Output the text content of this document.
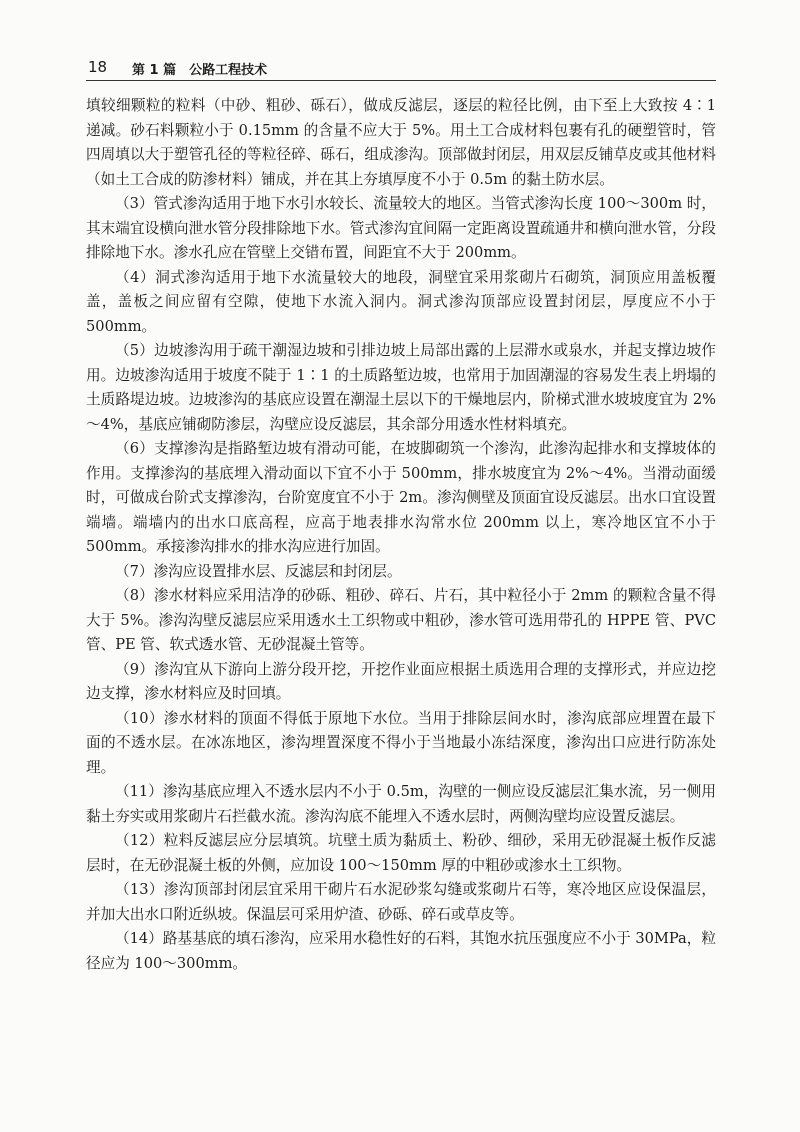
18 第 1 篇　公路工程技术

填较细颗粒的粒料（中砂、粗砂、砾石），做成反滤层，逐层的粒径比例，由下至上大致按 4∶1 递减。砂石料颗粒小于 0.15mm 的含量不应大于 5%。用土工合成材料包裹有孔的硬塑管时，管四周填以大于塑管孔径的等粒径碎、砾石，组成渗沟。顶部做封闭层，用双层反铺草皮或其他材料（如土工合成的防渗材料）铺成，并在其上夯填厚度不小于 0.5m 的黏土防水层。

（3）管式渗沟适用于地下水引水较长、流量较大的地区。当管式渗沟长度 100～300m 时，其末端宜设横向泄水管分段排除地下水。管式渗沟宜间隔一定距离设置疏通井和横向泄水管，分段排除地下水。渗水孔应在管壁上交错布置，间距宜不大于 200mm。

（4）洞式渗沟适用于地下水流量较大的地段，洞壁宜采用浆砌片石砌筑，洞顶应用盖板覆盖，盖板之间应留有空隙，使地下水流入洞内。洞式渗沟顶部应设置封闭层，厚度应不小于 500mm。

（5）边坡渗沟用于疏干潮湿边坡和引排边坡上局部出露的上层滞水或泉水，并起支撑边坡作用。边坡渗沟适用于坡度不陡于 1∶1 的土质路堑边坡，也常用于加固潮湿的容易发生表上坍塌的土质路堤边坡。边坡渗沟的基底应设置在潮湿土层以下的干燥地层内，阶梯式泄水坡坡度宜为 2%～4%，基底应铺砌防渗层，沟壁应设反滤层，其余部分用透水性材料填充。

（6）支撑渗沟是指路堑边坡有滑动可能，在坡脚砌筑一个渗沟，此渗沟起排水和支撑坡体的作用。支撑渗沟的基底埋入滑动面以下宜不小于 500mm，排水坡度宜为 2%～4%。当滑动面缓时，可做成台阶式支撑渗沟，台阶宽度宜不小于 2m。渗沟侧壁及顶面宜设反滤层。出水口宜设置端墙。端墙内的出水口底高程，应高于地表排水沟常水位 200mm 以上，寒冷地区宜不小于 500mm。承接渗沟排水的排水沟应进行加固。

（7）渗沟应设置排水层、反滤层和封闭层。

（8）渗水材料应采用洁净的砂砾、粗砂、碎石、片石，其中粒径小于 2mm 的颗粒含量不得大于 5%。渗沟沟壁反滤层应采用透水土工织物或中粗砂，渗水管可选用带孔的 HPPE 管、PVC 管、PE 管、软式透水管、无砂混凝土管等。

（9）渗沟宜从下游向上游分段开挖，开挖作业面应根据土质选用合理的支撑形式，并应边挖边支撑，渗水材料应及时回填。

（10）渗水材料的顶面不得低于原地下水位。当用于排除层间水时，渗沟底部应埋置在最下面的不透水层。在冰冻地区，渗沟埋置深度不得小于当地最小冻结深度，渗沟出口应进行防冻处理。

（11）渗沟基底应埋入不透水层内不小于 0.5m，沟壁的一侧应设反滤层汇集水流，另一侧用黏土夯实或用浆砌片石拦截水流。渗沟沟底不能埋入不透水层时，两侧沟壁均应设置反滤层。

（12）粒料反滤层应分层填筑。坑壁土质为黏质土、粉砂、细砂，采用无砂混凝土板作反滤层时，在无砂混凝土板的外侧，应加设 100～150mm 厚的中粗砂或渗水土工织物。

（13）渗沟顶部封闭层宜采用干砌片石水泥砂浆勾缝或浆砌片石等，寒冷地区应设保温层，并加大出水口附近纵坡。保温层可采用炉渣、砂砾、碎石或草皮等。

（14）路基基底的填石渗沟，应采用水稳性好的石料，其饱水抗压强度应不小于 30MPa，粒径应为 100～300mm。
